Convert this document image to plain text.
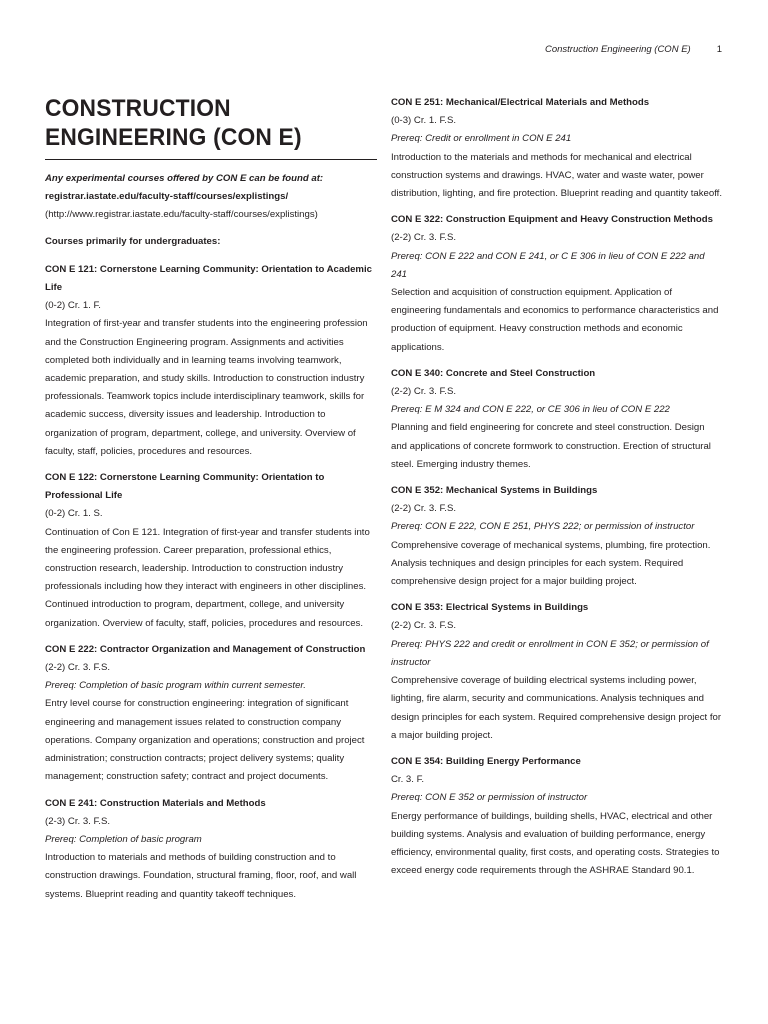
Construction Engineering (CON E)	1
CONSTRUCTION
ENGINEERING (CON E)

Any experimental courses offered by CON E can be found at: registrar.iastate.edu/faculty-staff/courses/explistings/ (http://www.registrar.iastate.edu/faculty-staff/courses/explistings)

Courses primarily for undergraduates:

CON E 121: Cornerstone Learning Community: Orientation to Academic Life

(0-2) Cr. 1. F.

Integration of first-year and transfer students into the engineering profession and the Construction Engineering program. Assignments and activities completed both individually and in learning teams involving teamwork, academic preparation, and study skills. Introduction to construction industry professionals. Teamwork topics include interdisciplinary teamwork, skills for academic success, diversity issues and leadership. Introduction to organization of program, department, college, and university. Overview of faculty, staff, policies, procedures and resources.

CON E 122: Cornerstone Learning Community: Orientation to Professional Life

(0-2) Cr. 1. S.

Continuation of Con E 121. Integration of first-year and transfer students into the engineering profession. Career preparation, professional ethics, construction research, leadership. Introduction to construction industry professionals including how they interact with engineers in other disciplines. Continued introduction to program, department, college, and university organization. Overview of faculty, staff, policies, procedures and resources.

CON E 222: Contractor Organization and Management of Construction

(2-2) Cr. 3. F.S.

Prereq: Completion of basic program within current semester.

Entry level course for construction engineering: integration of significant engineering and management issues related to construction company operations. Company organization and operations; construction and project administration; construction contracts; project delivery systems; quality management; construction safety; contract and project documents.

CON E 241: Construction Materials and Methods

(2-3) Cr. 3. F.S.

Prereq: Completion of basic program

Introduction to materials and methods of building construction and to construction drawings. Foundation, structural framing, floor, roof, and wall systems. Blueprint reading and quantity takeoff techniques.

CON E 251: Mechanical/Electrical Materials and Methods

(0-3) Cr. 1. F.S.

Prereq: Credit or enrollment in CON E 241

Introduction to the materials and methods for mechanical and electrical construction systems and drawings. HVAC, water and waste water, power distribution, lighting, and fire protection. Blueprint reading and quantity takeoff.

CON E 322: Construction Equipment and Heavy Construction Methods

(2-2) Cr. 3. F.S.

Prereq: CON E 222 and CON E 241, or C E 306 in lieu of CON E 222 and 241

Selection and acquisition of construction equipment. Application of engineering fundamentals and economics to performance characteristics and production of equipment. Heavy construction methods and economic applications.

CON E 340: Concrete and Steel Construction

(2-2) Cr. 3. F.S.

Prereq: E M 324 and CON E 222, or CE 306 in lieu of CON E 222

Planning and field engineering for concrete and steel construction. Design and applications of concrete formwork to construction. Erection of structural steel. Emerging industry themes.

CON E 352: Mechanical Systems in Buildings

(2-2) Cr. 3. F.S.

Prereq: CON E 222, CON E 251, PHYS 222; or permission of instructor

Comprehensive coverage of mechanical systems, plumbing, fire protection. Analysis techniques and design principles for each system. Required comprehensive design project for a major building project.

CON E 353: Electrical Systems in Buildings

(2-2) Cr. 3. F.S.

Prereq: PHYS 222 and credit or enrollment in CON E 352; or permission of instructor

Comprehensive coverage of building electrical systems including power, lighting, fire alarm, security and communications. Analysis techniques and design principles for each system. Required comprehensive design project for a major building project.

CON E 354: Building Energy Performance

Cr. 3. F.

Prereq: CON E 352 or permission of instructor

Energy performance of buildings, building shells, HVAC, electrical and other building systems. Analysis and evaluation of building performance, energy efficiency, environmental quality, first costs, and operating costs. Strategies to exceed energy code requirements through the ASHRAE Standard 90.1.
